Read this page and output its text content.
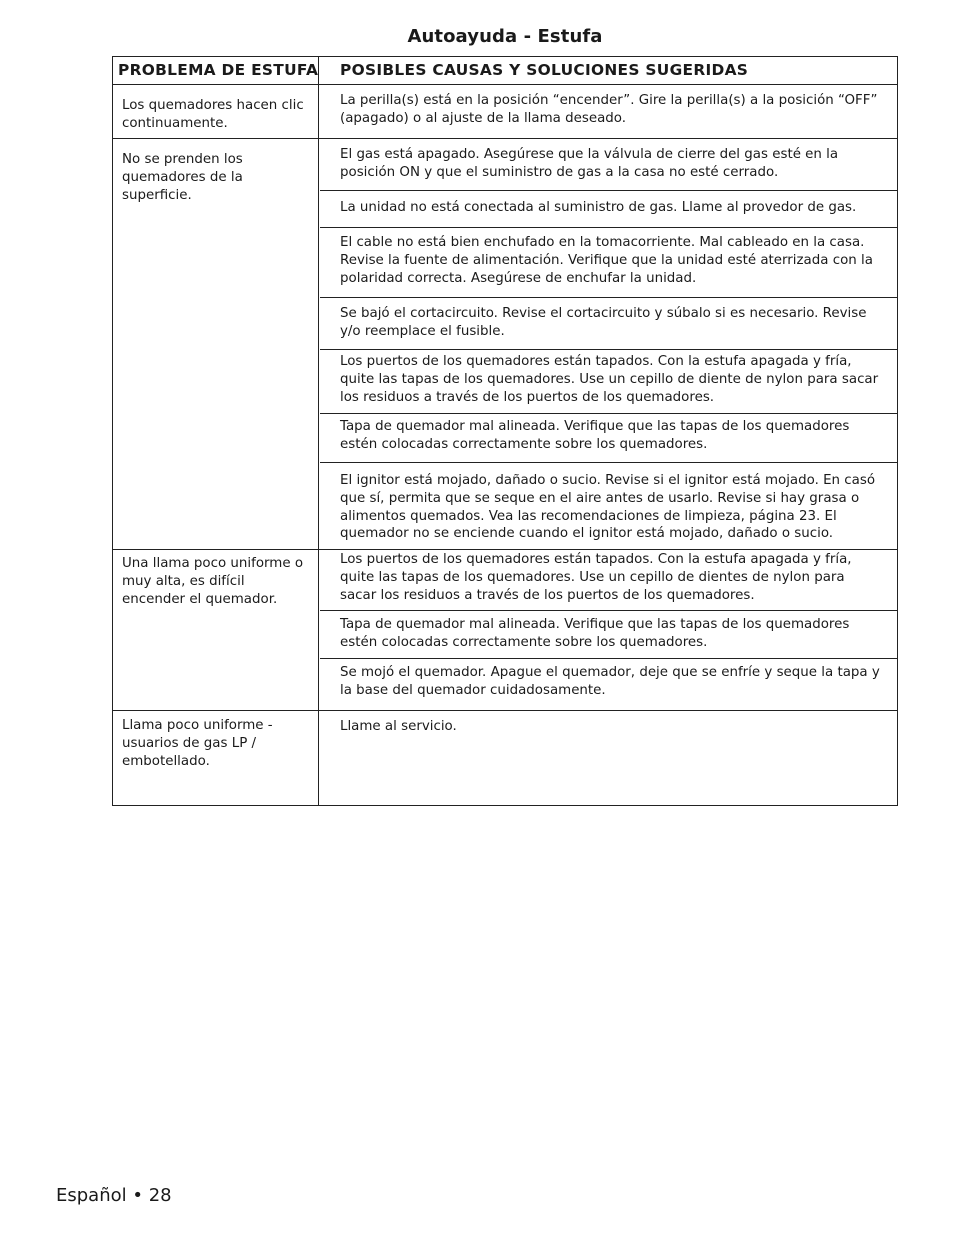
Autoayuda - Estufa
PROBLEMA DE ESTUFA POSIBLES CAUSAS Y SOLUCIONES SUGERIDAS
Los quemadores hacen clic continuamente.
La perilla(s) está en la posición “encender”. Gire la perilla(s) a la posición “OFF” (apagado) o al ajuste de la llama deseado.
No se prenden los quemadores de la superficie.
El gas está apagado. Asegúrese que la válvula de cierre del gas esté en la posición ON y que el suministro de gas a la casa no esté cerrado.
La unidad no está conectada al suministro de gas. Llame al provedor de gas.
El cable no está bien enchufado en la tomacorriente. Mal cableado en la casa. Revise la fuente de alimentación. Verifique que la unidad esté aterrizada con la polaridad correcta. Asegúrese de enchufar la unidad.
Se bajó el cortacircuito. Revise el cortacircuito y súbalo si es necesario. Revise y/o reemplace el fusible.
Los puertos de los quemadores están tapados. Con la estufa apagada y fría, quite las tapas de los quemadores. Use un cepillo de diente de nylon para sacar los residuos a través de los puertos de los quemadores.
Tapa de quemador mal alineada. Verifique que las tapas de los quemadores estén colocadas correctamente sobre los quemadores.
El ignitor está mojado, dañado o sucio. Revise si el ignitor está mojado. En casó que sí, permita que se seque en el aire antes de usarlo. Revise si hay grasa o alimentos quemados. Vea las recomendaciones de limpieza, página 23. El quemador no se enciende cuando el ignitor está mojado, dañado o sucio.
Una llama poco uniforme o muy alta, es difícil encender el quemador.
Los puertos de los quemadores están tapados. Con la estufa apagada y fría, quite las tapas de los quemadores. Use un cepillo de dientes de nylon para sacar los residuos a través de los puertos de los quemadores.
Tapa de quemador mal alineada. Verifique que las tapas de los quemadores estén colocadas correctamente sobre los quemadores.
Se mojó el quemador. Apague el quemador, deje que se enfríe y seque la tapa y la base del quemador cuidadosamente.
Llama poco uniforme - usuarios de gas LP / embotellado.
Llame al servicio.
Español • 28
